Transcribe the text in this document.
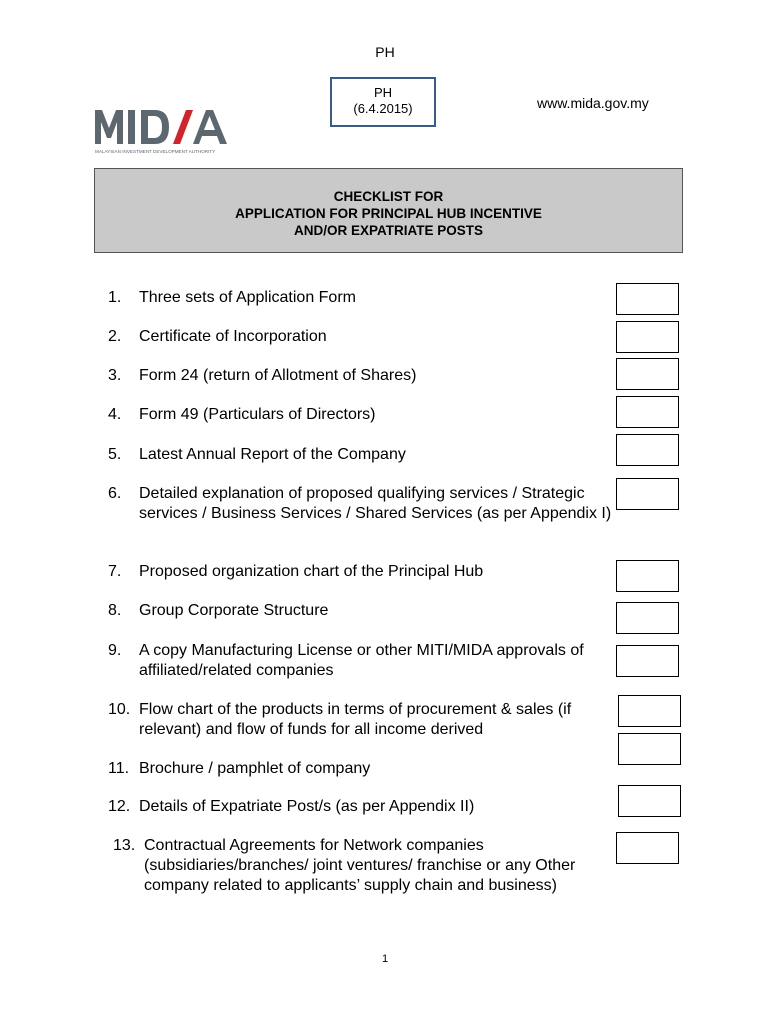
PH
PH
(6.4.2015)	www.mida.gov.my
MALAYSIAN INVESTMENT DEVELOPMENT AUTHORITY
CHECKLIST FOR
APPLICATION FOR PRINCIPAL HUB INCENTIVE
AND/OR EXPATRIATE POSTS
1. Three sets of Application Form
2. Certificate of Incorporation
3. Form 24 (return of Allotment of Shares)
4. Form 49 (Particulars of Directors)
5. Latest Annual Report of the Company
6. Detailed explanation of proposed qualifying services / Strategic services / Business Services / Shared Services (as per Appendix I)
7. Proposed organization chart of the Principal Hub
8. Group Corporate Structure
9. A copy Manufacturing License or other MITI/MIDA approvals of affiliated/related companies
10. Flow chart of the products in terms of procurement & sales (if relevant) and flow of funds for all income derived
11. Brochure / pamphlet of company
12. Details of Expatriate Post/s (as per Appendix II)
13. Contractual Agreements for Network companies (subsidiaries/branches/ joint ventures/ franchise or any Other company related to applicants’ supply chain and business)
1
